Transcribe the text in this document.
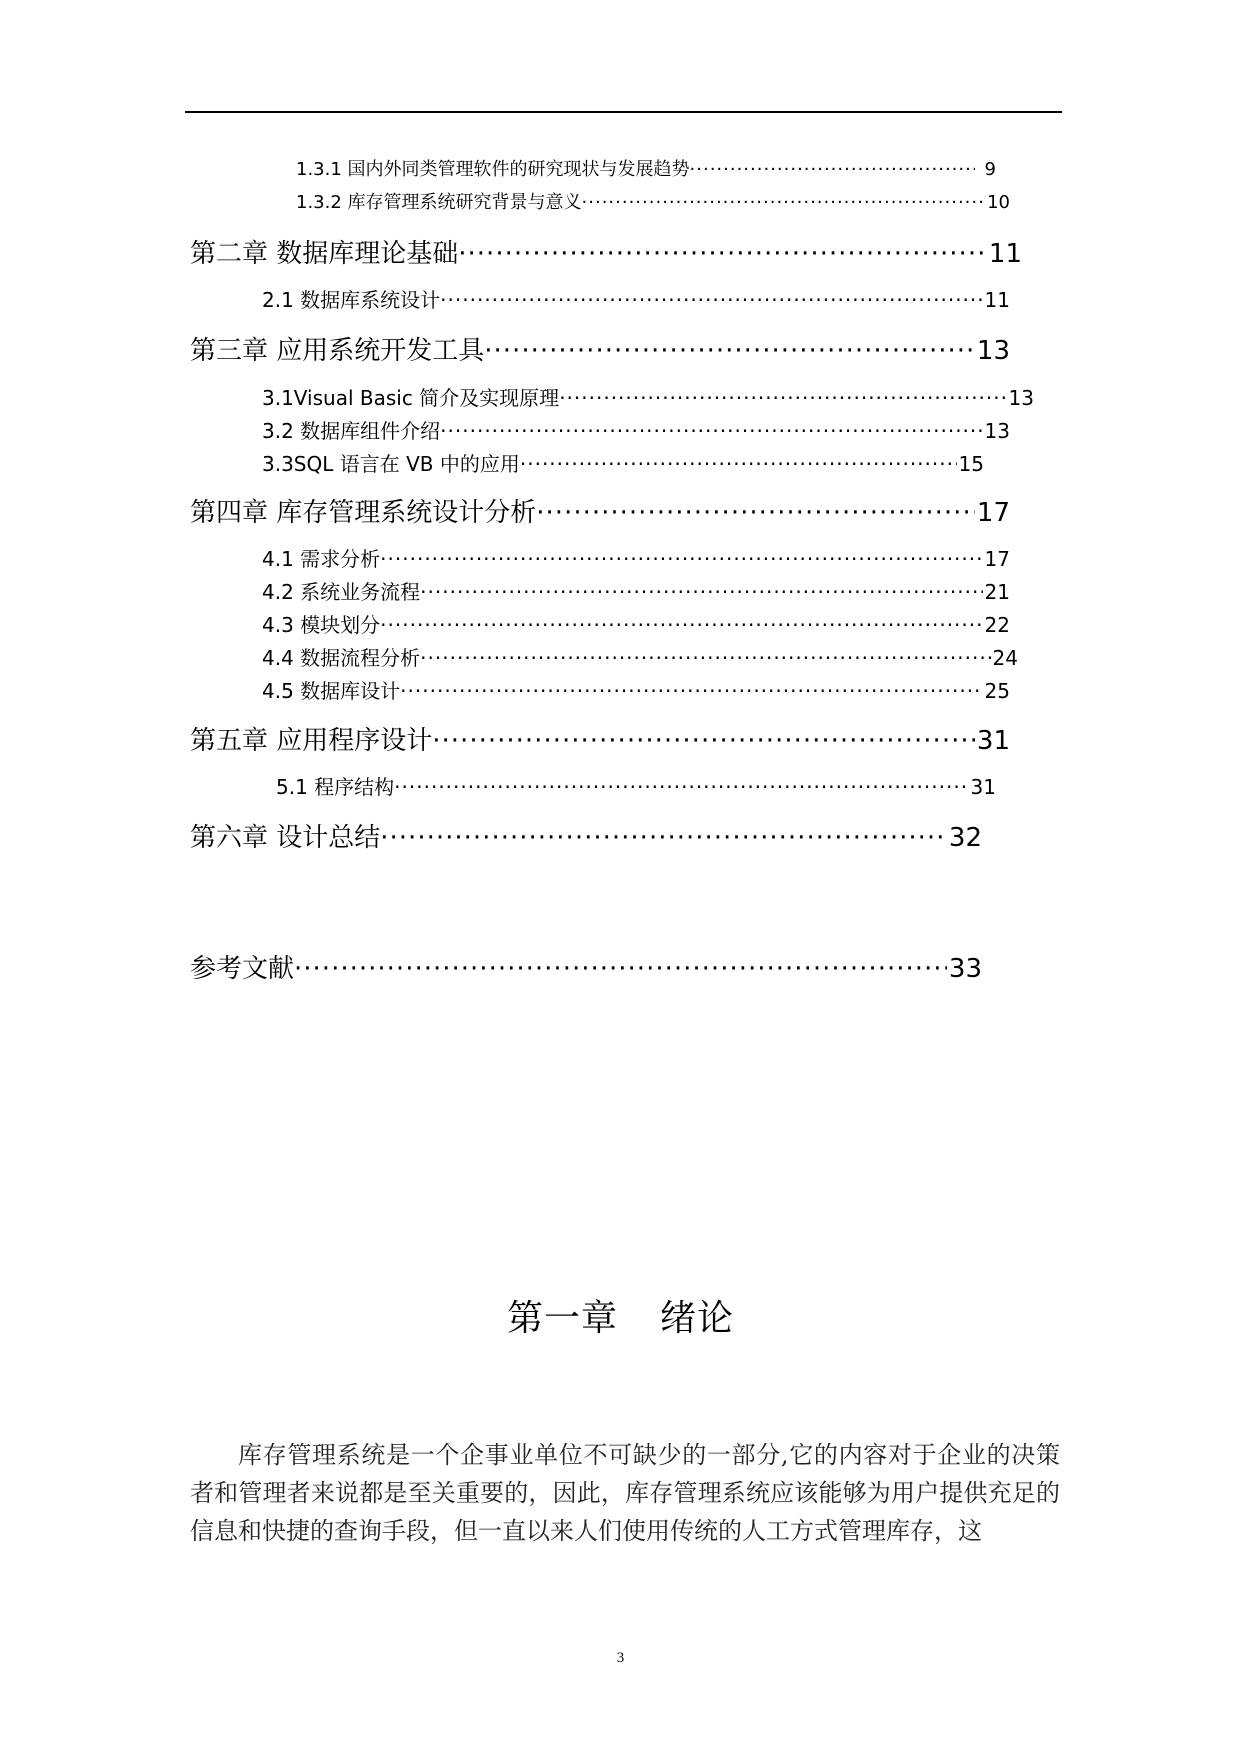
1.3.1 国内外同类管理软件的研究现状与发展趋势 ·····	9
1.3.2 库存管理系统研究背景与意义 ·····	10
第二章 数据库理论基础 ·····	11
2.1 数据库系统设计 ·····	11
第三章 应用系统开发工具 ·····	13
3.1Visual Basic 简介及实现原理 ·····	13
3.2 数据库组件介绍 ·····	13
3.3SQL 语言在 VB 中的应用 ·····	15
第四章 库存管理系统设计分析 ·····	17
4.1 需求分析 ·····	17
4.2 系统业务流程 ·····	21
4.3 模块划分 ·····	22
4.4 数据流程分析 ·····	24
4.5 数据库设计 ·····	25
第五章 应用程序设计 ·····	31
5.1 程序结构 ·····	31
第六章 设计总结 ·····	32
参考文献 ·····	33
第一章 绪论

库存管理系统是一个企事业单位不可缺少的一部分,它的内容对于企业的决策者和管理者来说都是至关重要的，因此，库存管理系统应该能够为用户提供充足的信息和快捷的查询手段，但一直以来人们使用传统的人工方式管理库存，这

3
